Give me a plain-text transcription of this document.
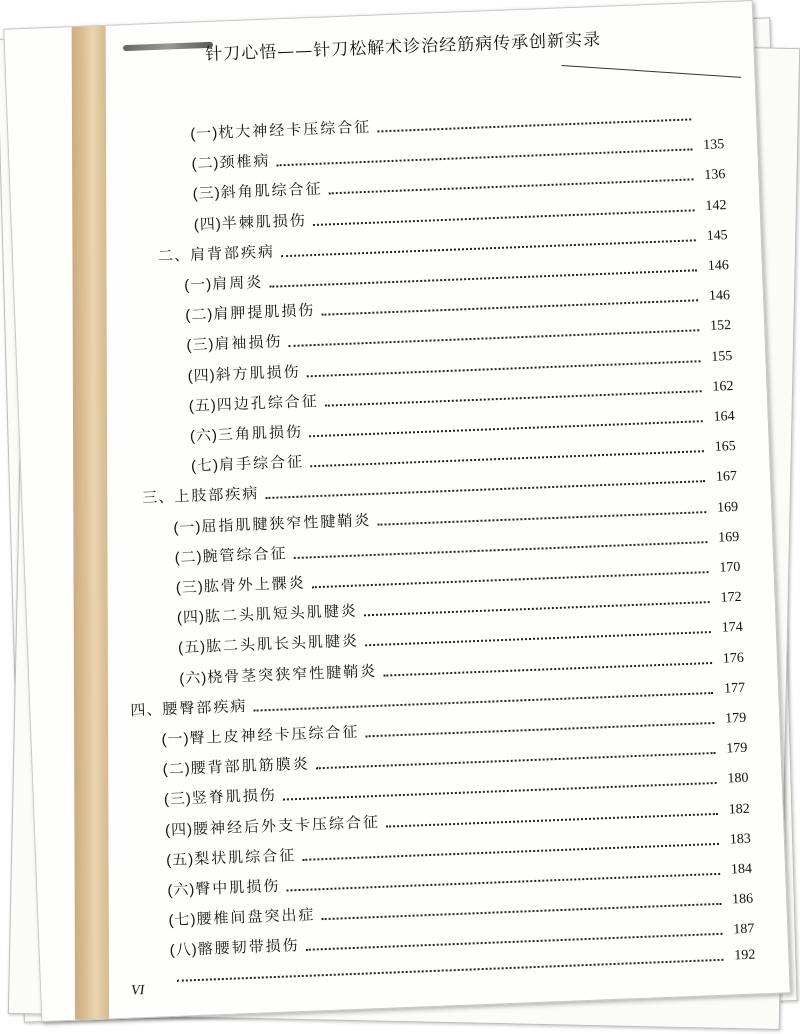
针刀心悟——针刀松解术诊治经筋病传承创新实录
(一) 枕大神经卡压综合征
(二) 颈椎病
135
(三) 斜角肌综合征
136
(四) 半棘肌损伤
142
二、 肩背部疾病
145
(一) 肩周炎
146
(二) 肩胛提肌损伤
146
(三) 肩袖损伤
152
(四) 斜方肌损伤
155
(五) 四边孔综合征
162
(六) 三角肌损伤
164
(七) 肩手综合征
165
三、 上肢部疾病
167
(一) 屈指肌腱狭窄性腱鞘炎
169
(二) 腕管综合征
169
(三) 肱骨外上髁炎
170
(四) 肱二头肌短头肌腱炎
172
(五) 肱二头肌长头肌腱炎
174
(六) 桡骨茎突狭窄性腱鞘炎
176
四、 腰臀部疾病
177
(一) 臀上皮神经卡压综合征
179
(二) 腰背部肌筋膜炎
179
(三) 竖脊肌损伤
180
(四) 腰神经后外支卡压综合征
182
(五) 梨状肌综合征
183
(六) 臀中肌损伤
184
(七) 腰椎间盘突出症
186
(八) 髂腰韧带损伤
187
192
VI
